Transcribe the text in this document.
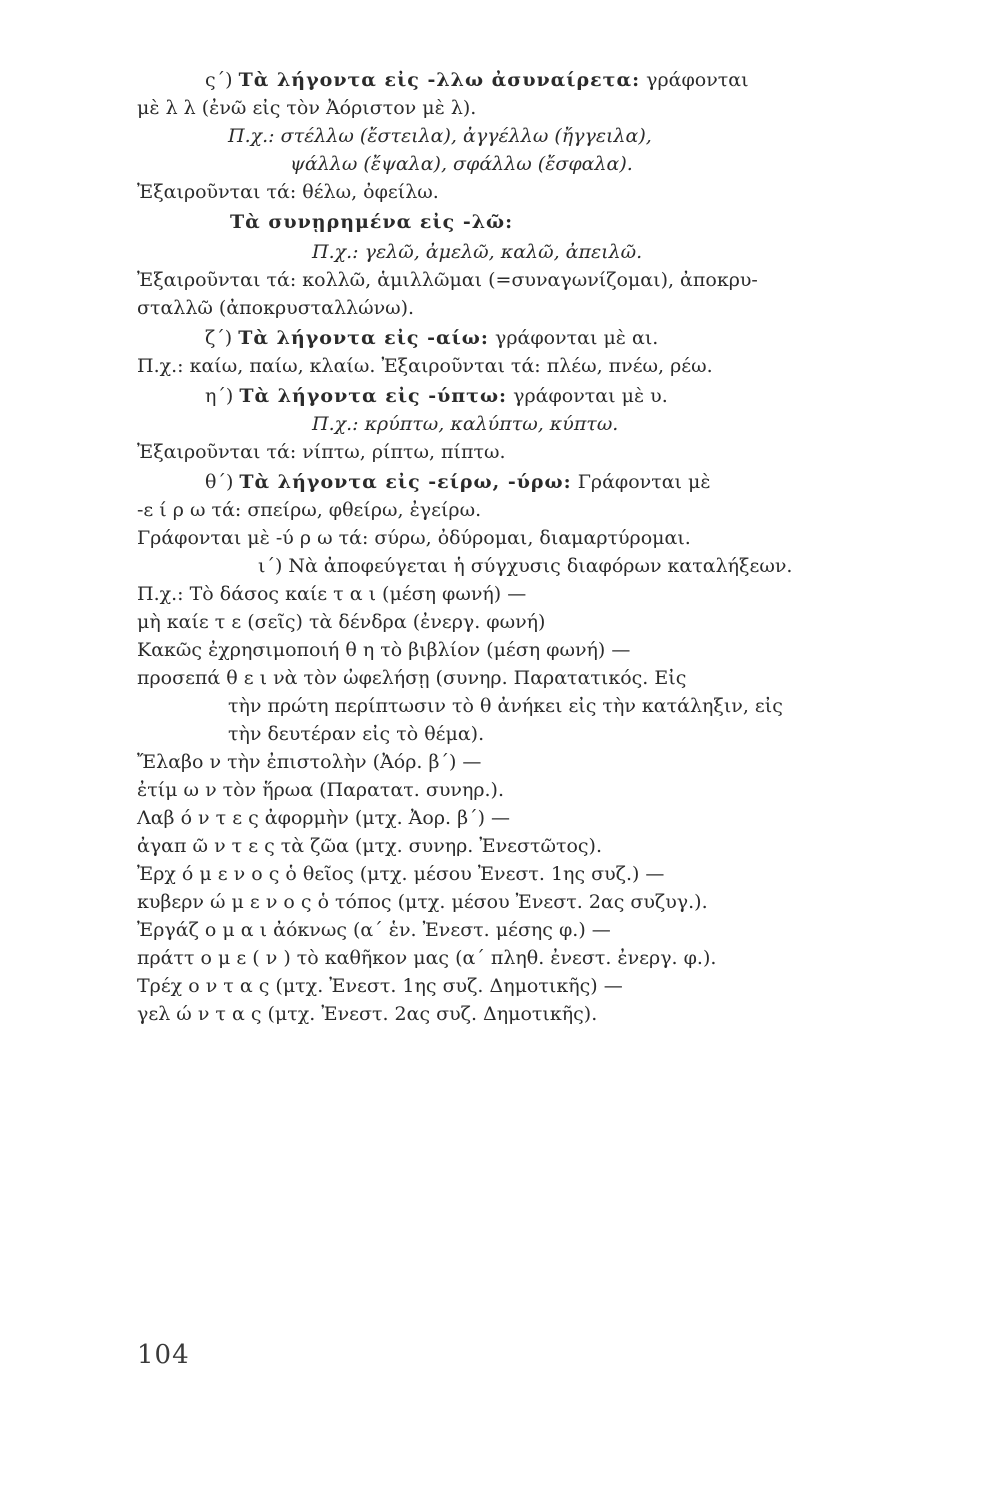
ς΄) Τὰ λήγοντα εἰς -λλω ἀσυναίρετα: γράφονται
μὲ λ λ (ἐνῶ εἰς τὸν Ἀόριστον μὲ λ).
Π.χ.: στέλλω (ἔστειλα), ἀγγέλλω (ἤγγειλα),
ψάλλω (ἔψαλα), σφάλλω (ἔσφαλα).
Ἐξαιροῦνται τά: θέλω, ὀφείλω.
Τὰ συνῃρημένα εἰς -λῶ:
Π.χ.: γελῶ, ἀμελῶ, καλῶ, ἀπειλῶ.
Ἐξαιροῦνται τά: κολλῶ, ἁμιλλῶμαι (=συναγωνίζομαι), ἀποκρυ-
σταλλῶ (ἀποκρυσταλλώνω).
ζ΄) Τὰ λήγοντα εἰς -αίω: γράφονται μὲ αι.
Π.χ.: καίω, παίω, κλαίω. Ἐξαιροῦνται τά: πλέω, πνέω, ρέω.
η΄) Τὰ λήγοντα εἰς -ύπτω: γράφονται μὲ υ.
Π.χ.: κρύπτω, καλύπτω, κύπτω.
Ἐξαιροῦνται τά: νίπτω, ρίπτω, πίπτω.
θ΄) Τὰ λήγοντα εἰς -είρω, -ύρω: Γράφονται μὲ
-ε ί ρ ω τά: σπείρω, φθείρω, ἐγείρω.
Γράφονται μὲ -ύ ρ ω τά: σύρω, ὀδύρομαι, διαμαρτύρομαι.
ι΄) Νὰ ἀποφεύγεται ἡ σύγχυσις διαφόρων καταλήξεων.
Π.χ.: Τὸ δάσος καίε τ α ι (μέση φωνή) —
μὴ καίε τ ε (σεῖς) τὰ δένδρα (ἐνεργ. φωνή)
Κακῶς ἐχρησιμοποιή θ η τὸ βιβλίον (μέση φωνή) —
προσεπά θ ε ι νὰ τὸν ὠφελήσῃ (συνηρ. Παρατατικός. Εἰς
τὴν πρώτη περίπτωσιν τὸ θ ἀνήκει εἰς τὴν κατάληξιν, εἰς
τὴν δευτέραν εἰς τὸ θέμα).
Ἔλαβο ν τὴν ἐπιστολὴν (Ἀόρ. β΄) —
ἐτίμ ω ν τὸν ἥρωα (Παρατατ. συνηρ.).
Λαβ ό ν τ ε ς ἀφορμὴν (μτχ. Ἀορ. β΄) —
ἀγαπ ῶ ν τ ε ς τὰ ζῶα (μτχ. συνηρ. Ἐνεστῶτος).
Ἐρχ ό μ ε ν ο ς ὁ θεῖος (μτχ. μέσου Ἐνεστ. 1ης συζ.) —
κυβερν ώ μ ε ν ο ς ὁ τόπος (μτχ. μέσου Ἐνεστ. 2ας συζυγ.).
Ἐργάζ ο μ α ι ἀόκνως (α΄ ἑν. Ἐνεστ. μέσης φ.) —
πράττ ο μ ε ( ν ) τὸ καθῆκον μας (α΄ πληθ. ἐνεστ. ἐνεργ. φ.).
Τρέχ ο ν τ α ς (μτχ. Ἐνεστ. 1ης συζ. Δημοτικῆς) —
γελ ώ ν τ α ς (μτχ. Ἐνεστ. 2ας συζ. Δημοτικῆς).
104
